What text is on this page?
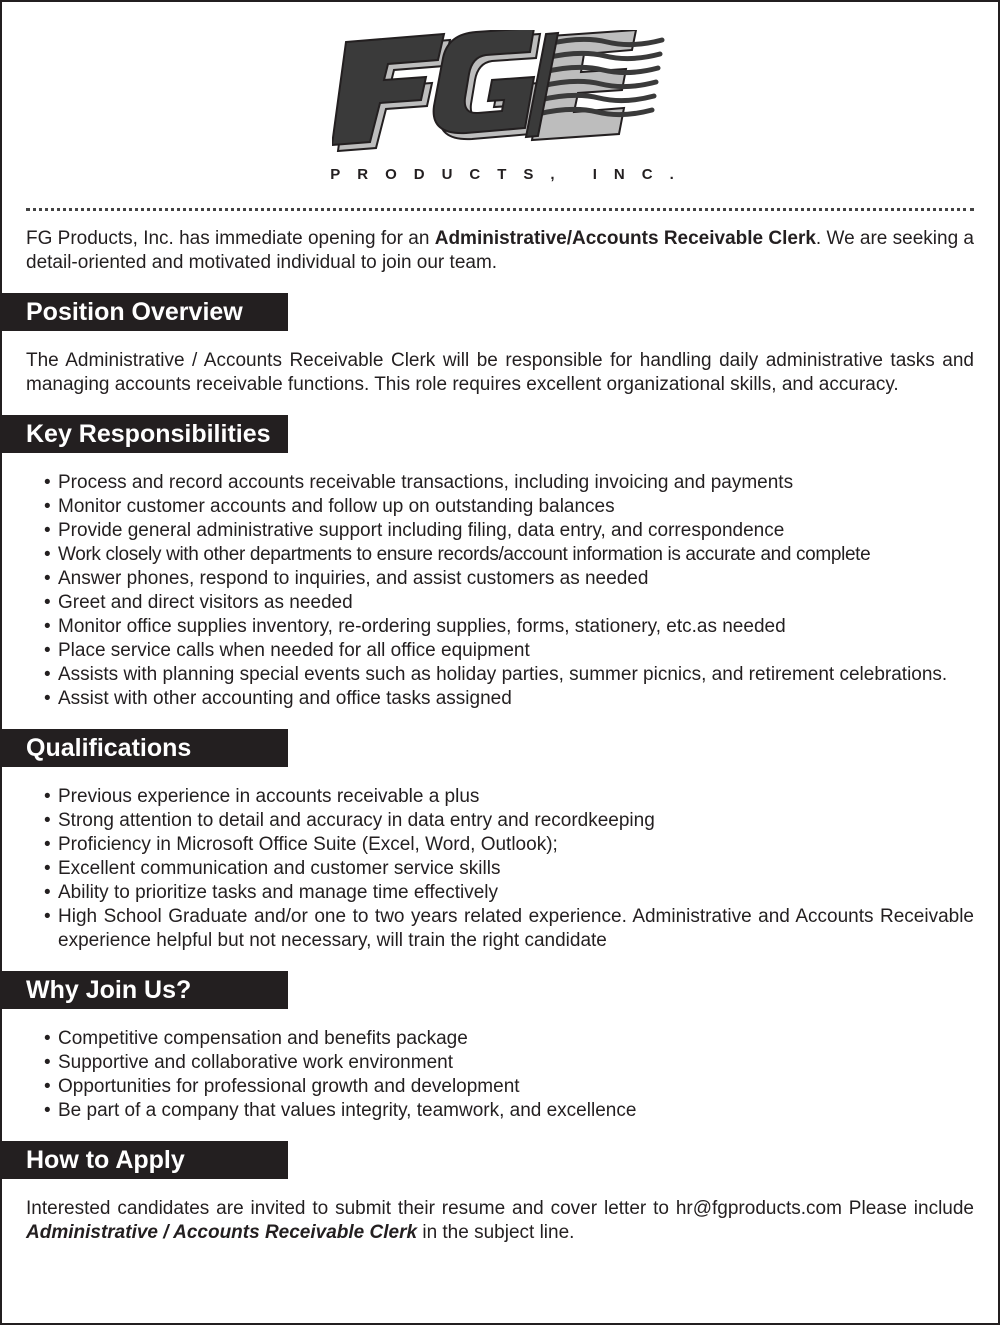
PRODUCTS, INC.

FG Products, Inc. has immediate opening for an Administrative/Accounts Receivable Clerk. We are seeking a detail-oriented and motivated individual to join our team.

Position Overview

The Administrative / Accounts Receivable Clerk will be responsible for handling daily administrative tasks and managing accounts receivable functions. This role requires excellent organizational skills, and accuracy.

Key Responsibilities
• Process and record accounts receivable transactions, including invoicing and payments
• Monitor customer accounts and follow up on outstanding balances
• Provide general administrative support including filing, data entry, and correspondence
• Work closely with other departments to ensure records/account information is accurate and complete
• Answer phones, respond to inquiries, and assist customers as needed
• Greet and direct visitors as needed
• Monitor office supplies inventory, re-ordering supplies, forms, stationery, etc.as needed
• Place service calls when needed for all office equipment
• Assists with planning special events such as holiday parties, summer picnics, and retirement celebrations.
• Assist with other accounting and office tasks assigned
Qualifications
• Previous experience in accounts receivable a plus
• Strong attention to detail and accuracy in data entry and recordkeeping
• Proficiency in Microsoft Office Suite (Excel, Word, Outlook);
• Excellent communication and customer service skills
• Ability to prioritize tasks and manage time effectively
• High School Graduate and/or one to two years related experience. Administrative and Accounts Receivable experience helpful but not necessary, will train the right candidate
Why Join Us?
• Competitive compensation and benefits package
• Supportive and collaborative work environment
• Opportunities for professional growth and development
• Be part of a company that values integrity, teamwork, and excellence
How to Apply

Interested candidates are invited to submit their resume and cover letter to hr@fgproducts.com Please include Administrative / Accounts Receivable Clerk in the subject line.
